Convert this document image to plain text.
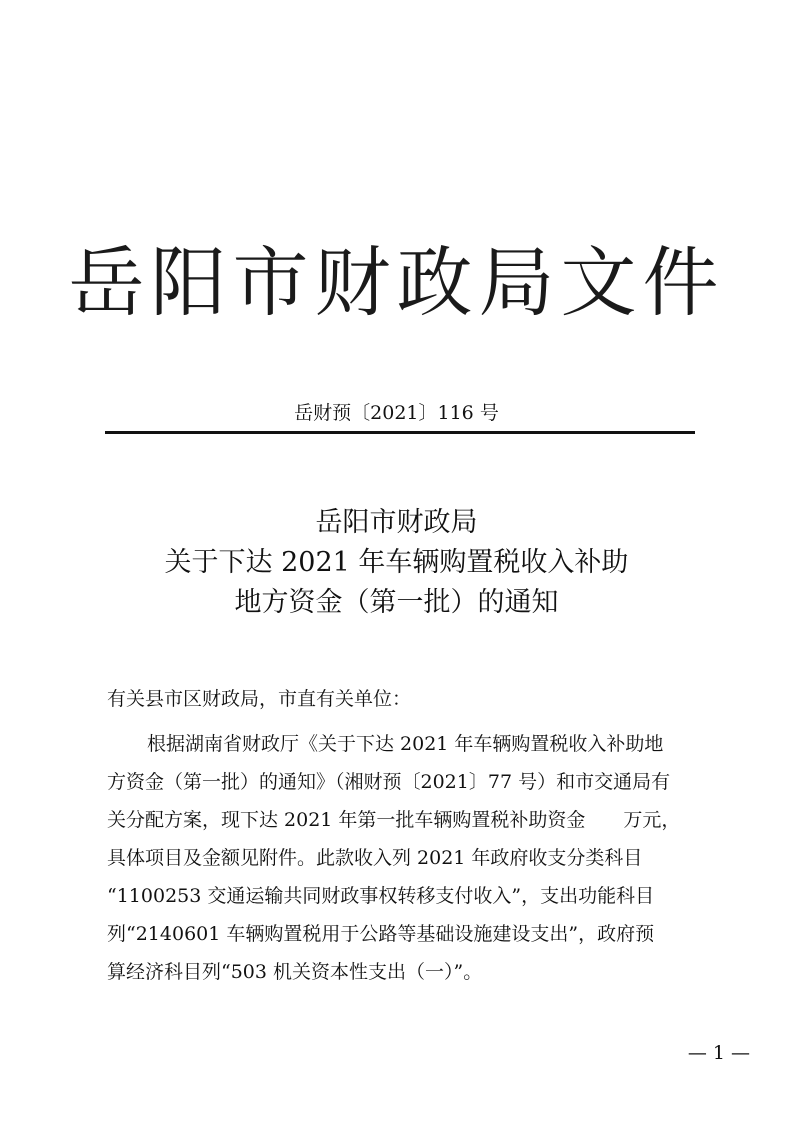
岳阳市财政局文件
岳财预〔2021〕116 号
岳阳市财政局
关于下达 2021 年车辆购置税收入补助
地方资金（第一批）的通知
有关县市区财政局，市直有关单位：
根据湖南省财政厅《关于下达 2021 年车辆购置税收入补助地
方资金（第一批）的通知》（湘财预〔2021〕77 号）和市交通局有
关分配方案，现下达 2021 年第一批车辆购置税补助资金　　万元，
具体项目及金额见附件。此款收入列 2021 年政府收支分类科目
“1100253 交通运输共同财政事权转移支付收入”，支出功能科目
列“2140601 车辆购置税用于公路等基础设施建设支出”，政府预
算经济科目列“503 机关资本性支出（一）”。
— 1 —
